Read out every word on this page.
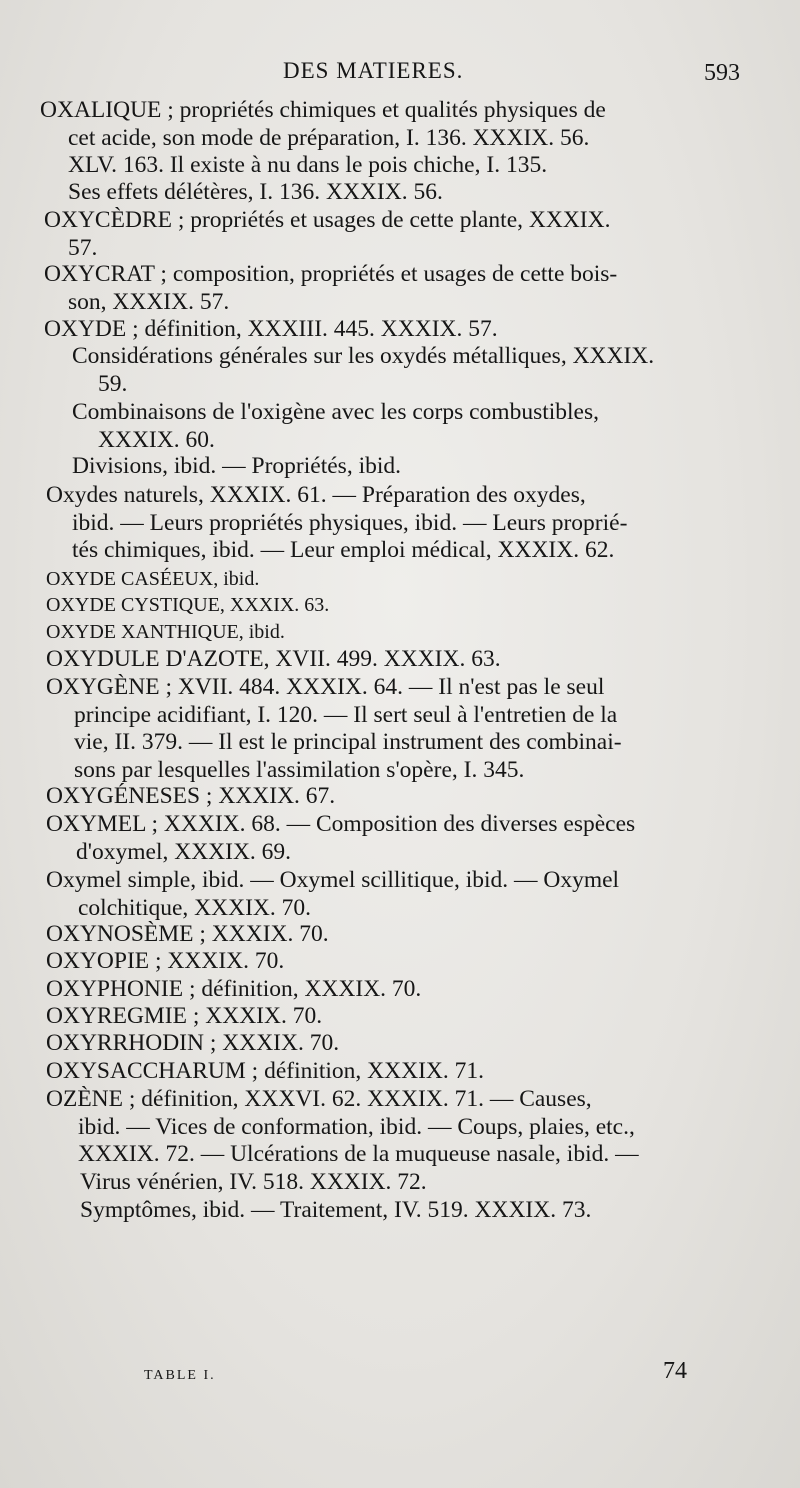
DES MATIERES.	593
TABLE I.	74
OXALIQUE ; propriétés chimiques et qualités physiques de
cet acide, son mode de préparation, I. 136. XXXIX. 56.
XLV. 163. Il existe à nu dans le pois chiche, I. 135.
Ses effets délétères, I. 136. XXXIX. 56.
OXYCÈDRE ; propriétés et usages de cette plante, XXXIX.
57.
OXYCRAT ; composition, propriétés et usages de cette bois-
son, XXXIX. 57.
OXYDE ; définition, XXXIII. 445. XXXIX. 57.
Considérations générales sur les oxydés métalliques, XXXIX.
59.
Combinaisons de l'oxigène avec les corps combustibles,
XXXIX. 60.
Divisions, ibid. — Propriétés, ibid.
Oxydes naturels, XXXIX. 61. — Préparation des oxydes,
ibid. — Leurs propriétés physiques, ibid. — Leurs proprié-
tés chimiques, ibid. — Leur emploi médical, XXXIX. 62.
OXYDE CASÉEUX, ibid.
OXYDE CYSTIQUE, XXXIX. 63.
OXYDE XANTHIQUE, ibid.
OXYDULE D'AZOTE, XVII. 499. XXXIX. 63.
OXYGÈNE ; XVII. 484. XXXIX. 64. — Il n'est pas le seul
principe acidifiant, I. 120. — Il sert seul à l'entretien de la
vie, II. 379. — Il est le principal instrument des combinai-
sons par lesquelles l'assimilation s'opère, I. 345.
OXYGÉNESES ; XXXIX. 67.
OXYMEL ; XXXIX. 68. — Composition des diverses espèces
d'oxymel, XXXIX. 69.
Oxymel simple, ibid. — Oxymel scillitique, ibid. — Oxymel
colchitique, XXXIX. 70.
OXYNOSÈME ; XXXIX. 70.
OXYOPIE ; XXXIX. 70.
OXYPHONIE ; définition, XXXIX. 70.
OXYREGMIE ; XXXIX. 70.
OXYRRHODIN ; XXXIX. 70.
OXYSACCHARUM ; définition, XXXIX. 71.
OZÈNE ; définition, XXXVI. 62. XXXIX. 71. — Causes,
ibid. — Vices de conformation, ibid. — Coups, plaies, etc.,
XXXIX. 72. — Ulcérations de la muqueuse nasale, ibid. —
Virus vénérien, IV. 518. XXXIX. 72.
Symptômes, ibid. — Traitement, IV. 519. XXXIX. 73.
